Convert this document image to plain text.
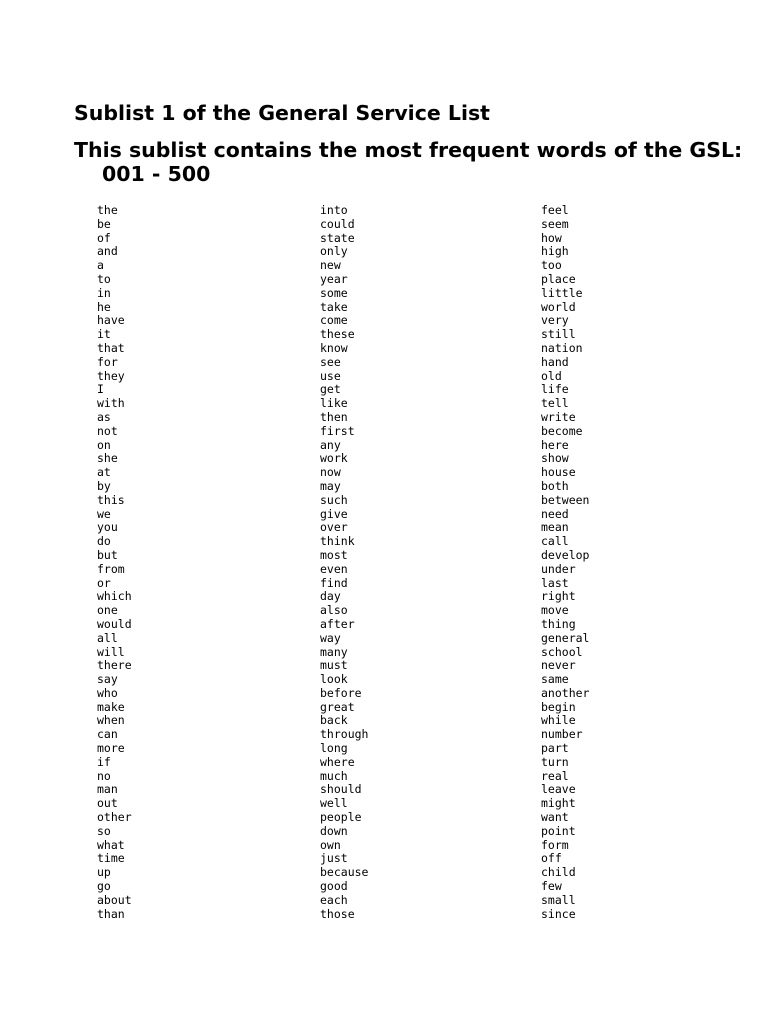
Sublist 1 of the General Service List
This sublist contains the most frequent words of the GSL: 001 - 500
the
be
of
and
a
to
in
he
have
it
that
for
they
I
with
as
not
on
she
at
by
this
we
you
do
but
from
or
which
one
would
all
will
there
say
who
make
when
can
more
if
no
man
out
other
so
what
time
up
go
about
than
into
could
state
only
new
year
some
take
come
these
know
see
use
get
like
then
first
any
work
now
may
such
give
over
think
most
even
find
day
also
after
way
many
must
look
before
great
back
through
long
where
much
should
well
people
down
own
just
because
good
each
those
feel
seem
how
high
too
place
little
world
very
still
nation
hand
old
life
tell
write
become
here
show
house
both
between
need
mean
call
develop
under
last
right
move
thing
general
school
never
same
another
begin
while
number
part
turn
real
leave
might
want
point
form
off
child
few
small
since
